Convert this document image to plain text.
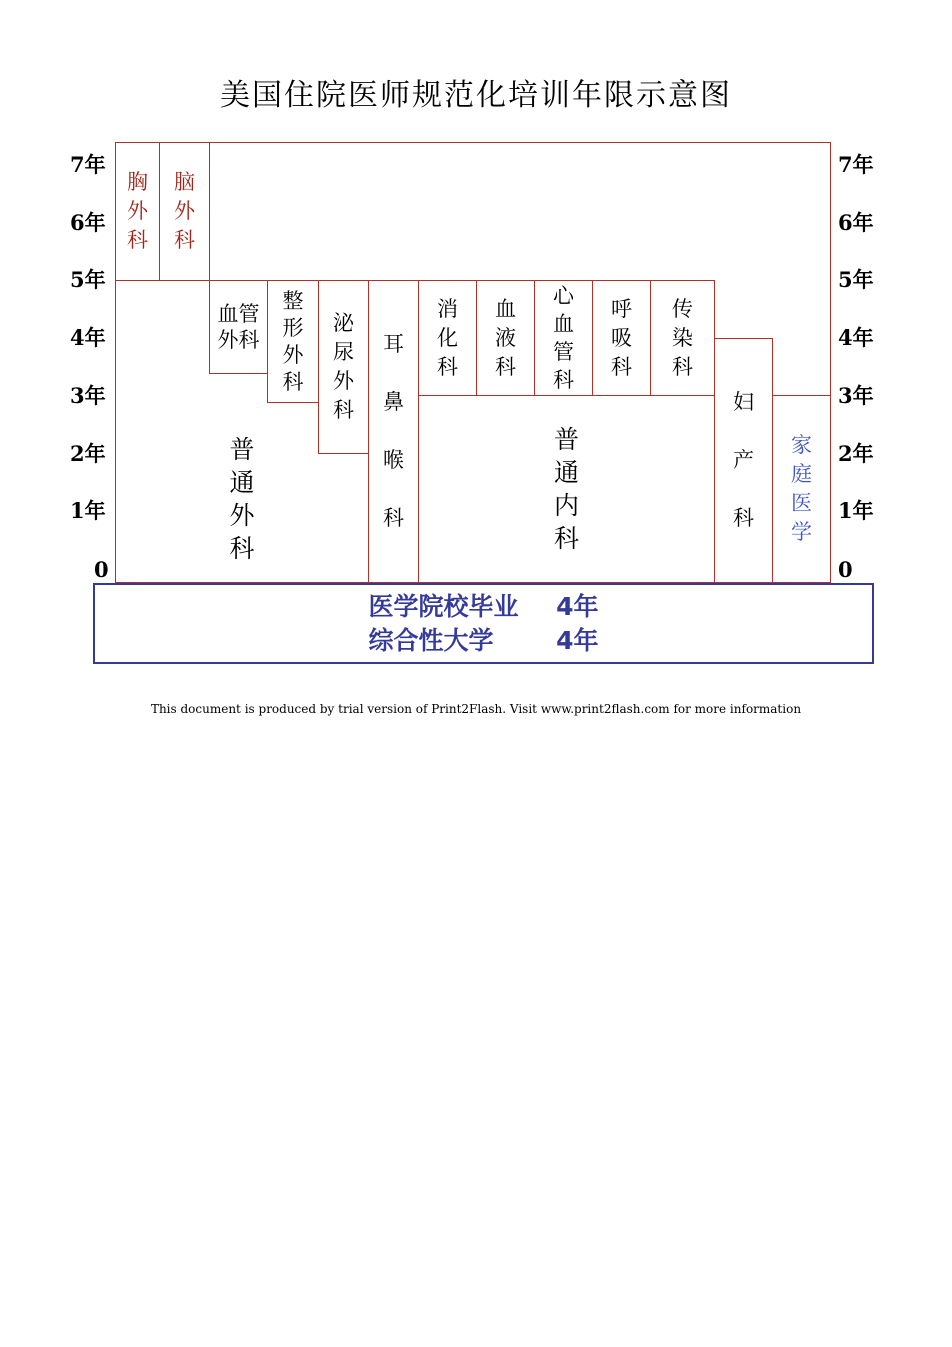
美国住院医师规范化培训年限示意图
7年
6年
5年
4年
3年
2年
1年
0
7年
6年
5年
4年
3年
2年
1年
0
胸
外
科
脑
外
科
普
通
外
科
血管
外科
整
形
外
科
泌
尿
外
科
耳

鼻

喉

科
消
化
科
血
液
科
心
血
管
科
呼
吸
科
传
染
科
普
通
内
科
妇

产

科
家
庭
医
学
医学院校毕业 4年
综合性大学	4年
This document is produced by trial version of Print2Flash. Visit www.print2flash.com for more information
